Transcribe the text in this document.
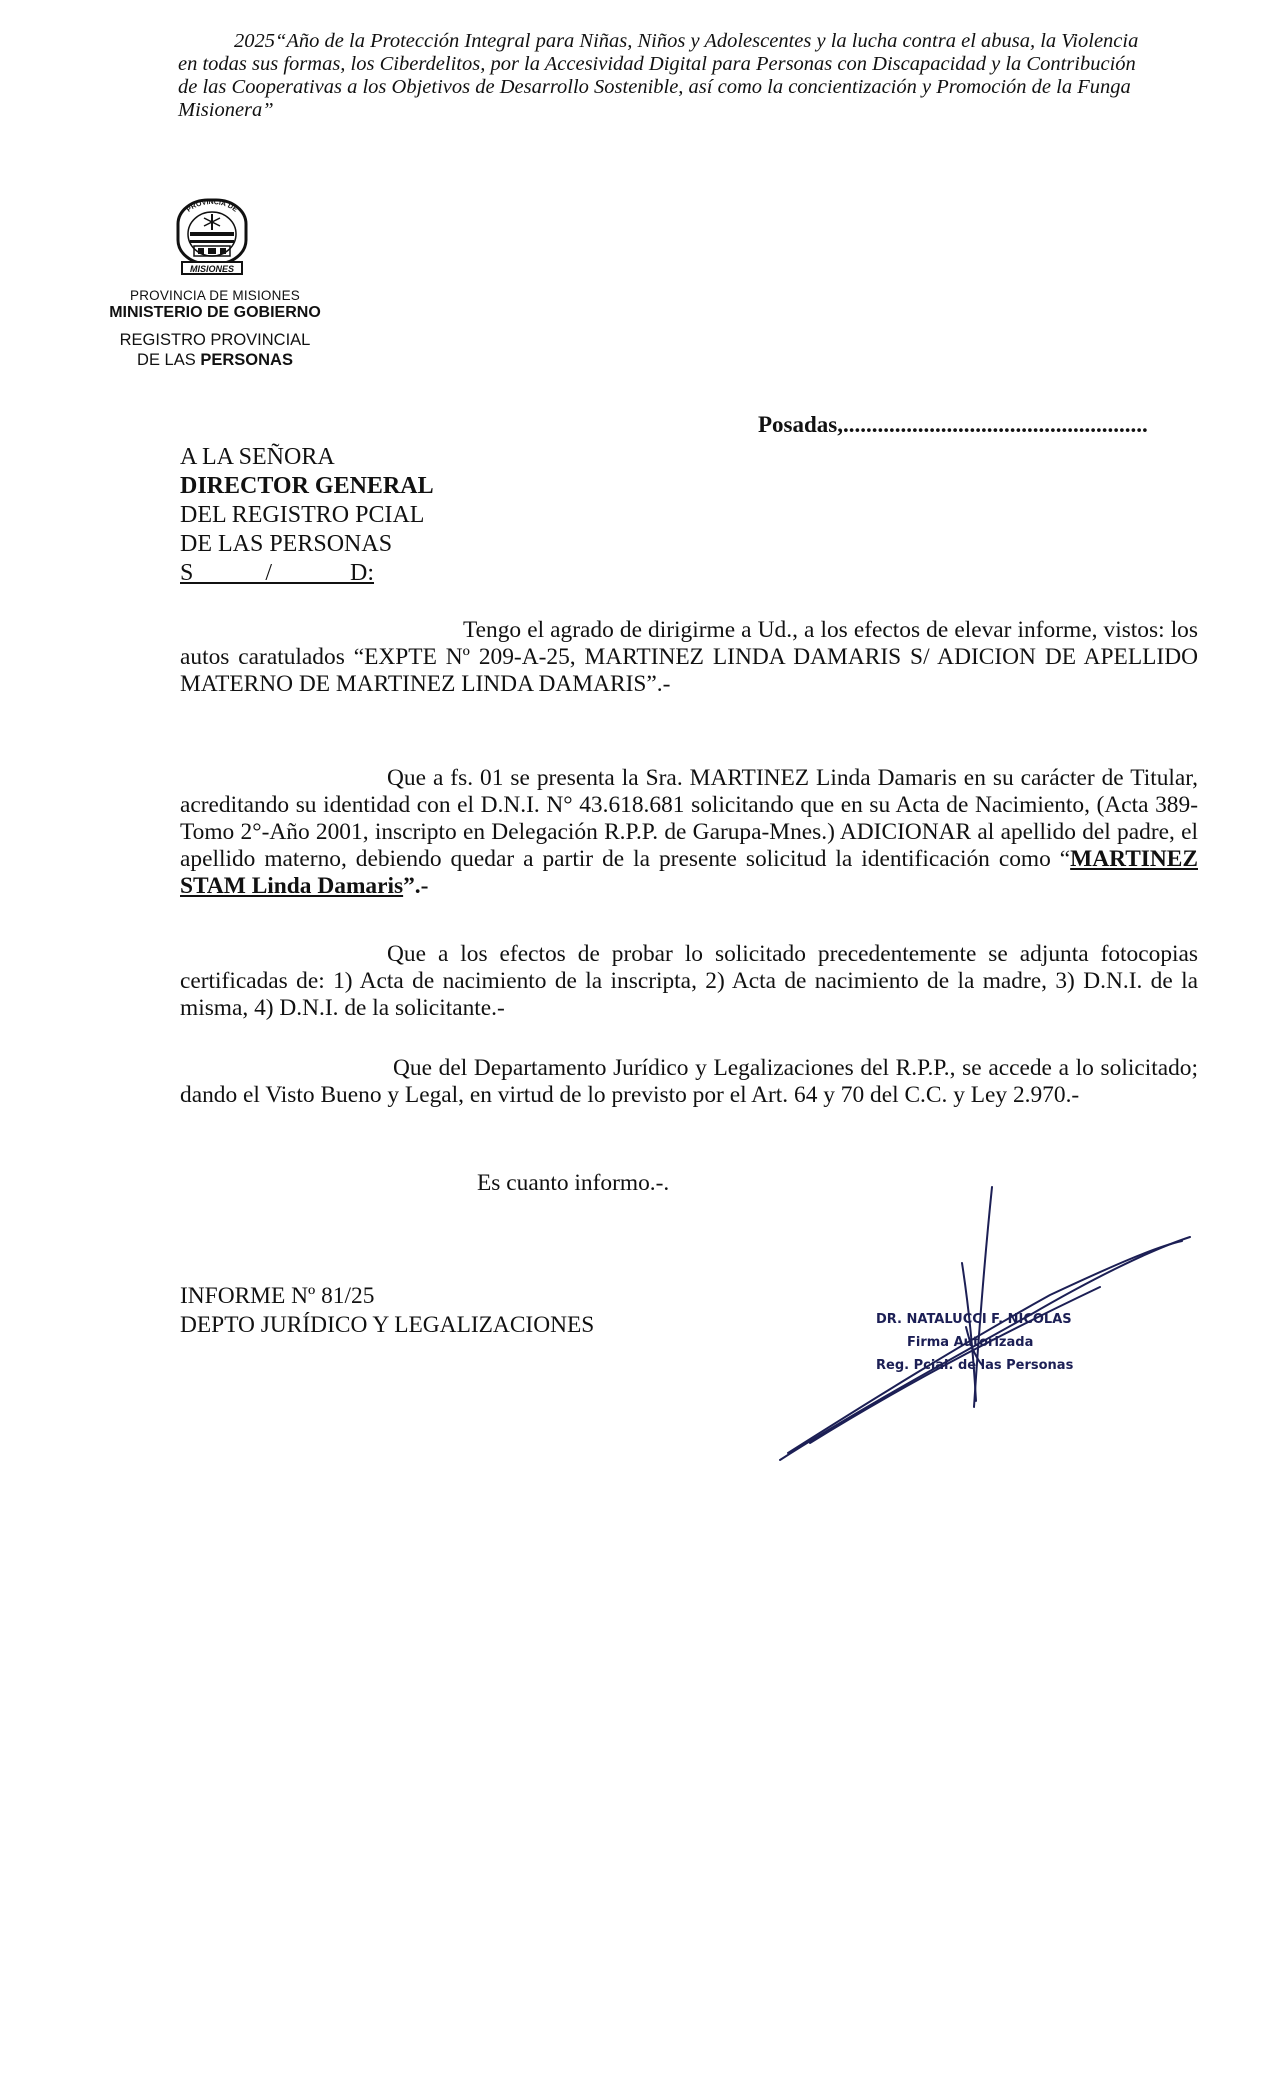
2025“Año de la Protección Integral para Niñas, Niños y Adolescentes y la lucha contra el abusa, la Violencia
en todas sus formas, los Ciberdelitos, por la Accesividad Digital para Personas con Discapacidad y la Contribución
de las Cooperativas a los Objetivos de Desarrollo Sostenible, así como la concientización y Promoción de la Funga
Misionera”
PROVINCIA DE
MISIONES
PROVINCIA DE MISIONES
MINISTERIO DE GOBIERNO
REGISTRO PROVINCIAL
DE LAS PERSONAS
Posadas,.....................................................
A LA SEÑORA
DIRECTOR GENERAL
DEL REGISTRO PCIAL
DE LAS PERSONAS
S            /             D:

Tengo el agrado de dirigirme a Ud., a los efectos de elevar informe, vistos: los autos caratulados “EXPTE Nº 209-A-25, MARTINEZ LINDA DAMARIS S/ ADICION DE APELLIDO MATERNO DE MARTINEZ LINDA DAMARIS”.-

Que a fs. 01 se presenta la Sra. MARTINEZ Linda Damaris en su carácter de Titular, acreditando su identidad con el D.N.I. N° 43.618.681 solicitando que en su Acta de Nacimiento, (Acta 389-Tomo 2°-Año 2001, inscripto en Delegación R.P.P. de Garupa-Mnes.) ADICIONAR al apellido del padre, el apellido materno, debiendo quedar a partir de la presente solicitud la identificación como “MARTINEZ STAM Linda Damaris”.-

Que a los efectos de probar lo solicitado precedentemente se adjunta fotocopias certificadas de: 1) Acta de nacimiento de la inscripta, 2) Acta de nacimiento de la madre, 3) D.N.I. de la misma, 4) D.N.I. de la solicitante.-

Que del Departamento Jurídico y Legalizaciones del R.P.P., se accede a lo solicitado; dando el Visto Bueno y Legal, en virtud de lo previsto por el Art. 64 y 70 del C.C. y Ley 2.970.-

Es cuanto informo.-.
INFORME Nº 81/25
DEPTO JURÍDICO Y LEGALIZACIONES	DR. NATALUCCI F. NICOLAS
Firma Autorizada
Reg. Pcial. de las Personas
